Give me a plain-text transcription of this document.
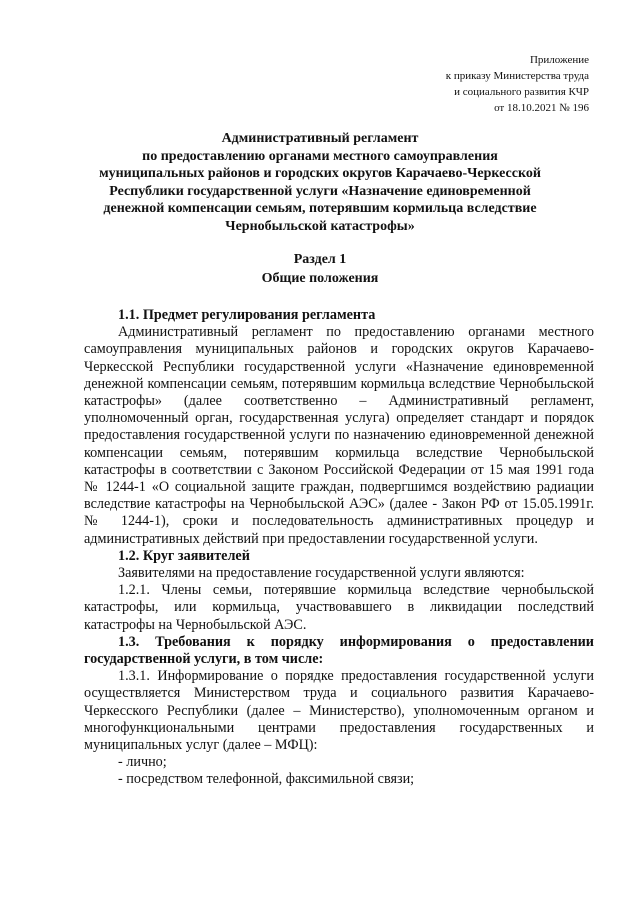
Приложение
к приказу Министерства труда
и социального развития КЧР
от 18.10.2021 № 196
Административный регламент
по предоставлению органами местного самоуправления
муниципальных районов и городских округов Карачаево-Черкесской
Республики государственной услуги «Назначение единовременной
денежной компенсации семьям, потерявшим кормильца вследствие
Чернобыльской катастрофы»
Раздел 1
Общие положения

1.1. Предмет регулирования регламента

Административный регламент по предоставлению органами местного самоуправления муниципальных районов и городских округов Карачаево-Черкесской Республики государственной услуги «Назначение единовременной денежной компенсации семьям, потерявшим кормильца вследствие Чернобыльской катастрофы» (далее соответственно – Административный регламент, уполномоченный орган, государственная услуга) определяет стандарт и порядок предоставления государственной услуги по назначению единовременной денежной компенсации семьям, потерявшим кормильца вследствие Чернобыльской катастрофы в соответствии с Законом Российской Федерации от 15 мая 1991 года № 1244-1 «О социальной защите граждан, подвергшимся воздействию радиации вследствие катастрофы на Чернобыльской АЭС» (далее - Закон РФ от 15.05.1991г. № 1244-1), сроки и последовательность административных процедур и административных действий при предоставлении государственной услуги.

1.2. Круг заявителей

Заявителями на предоставление государственной услуги являются:

1.2.1. Члены семьи, потерявшие кормильца вследствие чернобыльской катастрофы, или кормильца, участвовавшего в ликвидации последствий катастрофы на Чернобыльской АЭС.

1.3. Требования к порядку информирования о предоставлении государственной услуги, в том числе:

1.3.1. Информирование о порядке предоставления государственной услуги осуществляется Министерством труда и социального развития Карачаево-Черкесского Республики (далее – Министерство), уполномоченным органом и многофункциональными центрами предоставления государственных и муниципальных услуг (далее – МФЦ):

- лично;

- посредством телефонной, факсимильной связи;
